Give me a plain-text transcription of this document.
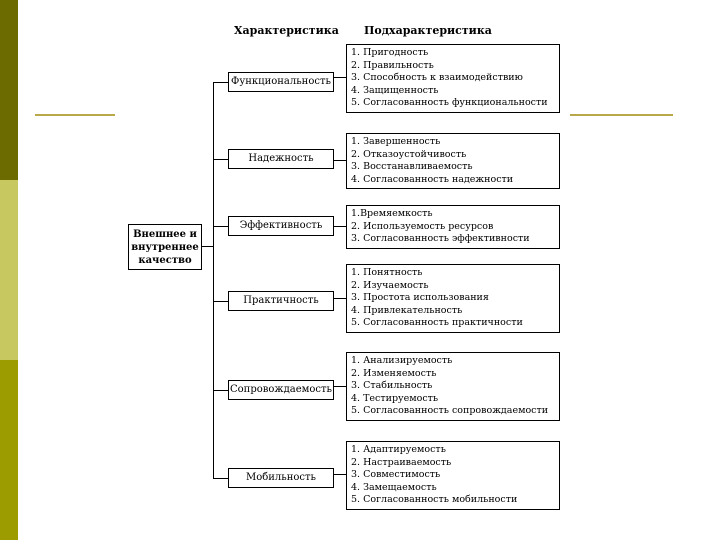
Характеристика Подхарактеристика
Внешнее и внутреннее качество
Функциональность
Надежность
Эффективность
Практичность
Сопровождаемость
Мобильность
1. Пригодность
2. Правильность
3. Способность к взаимодействию
4. Защищенность
5. Согласованность функциональности
1. Завершенность
2. Отказоустойчивость
3. Восстанавливаемость
4. Согласованность надежности
1.Времяемкость
2. Используемость ресурсов
3. Согласованность эффективности
1. Понятность
2. Изучаемость
3. Простота использования
4. Привлекательность
5. Согласованность практичности
1. Анализируемость
2. Изменяемость
3. Стабильность
4. Тестируемость
5. Согласованность сопровождаемости
1. Адаптируемость
2. Настраиваемость
3. Совместимость
4. Замещаемость
5. Согласованность мобильности
